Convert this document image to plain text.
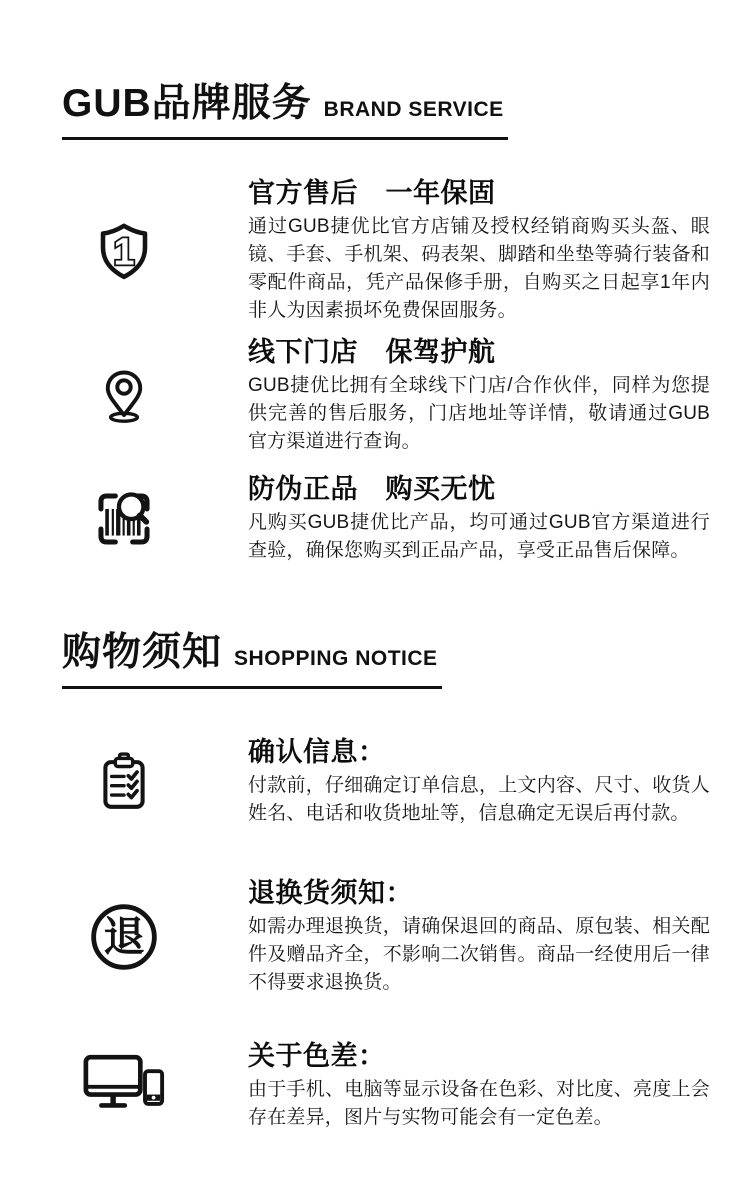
GUB品牌服务 BRAND SERVICE
1
官方售后　一年保固

通过GUB捷优比官方店铺及授权经销商购买头盔、眼镜、手套、手机架、码表架、脚踏和坐垫等骑行装备和零配件商品，凭产品保修手册，自购买之日起享1年内非人为因素损坏免费保固服务。

线下门店　保驾护航

GUB捷优比拥有全球线下门店/合作伙伴，同样为您提供完善的售后服务，门店地址等详情，敬请通过GUB官方渠道进行查询。

防伪正品　购买无忧

凡购买GUB捷优比产品，均可通过GUB官方渠道进行查验，确保您购买到正品产品，享受正品售后保障。

购物须知 SHOPPING NOTICE
确认信息：

付款前，仔细确定订单信息，上文内容、尺寸、收货人姓名、电话和收货地址等，信息确定无误后再付款。

退
退换货须知：

如需办理退换货，请确保退回的商品、原包装、相关配件及赠品齐全，不影响二次销售。商品一经使用后一律不得要求退换货。

关于色差：

由于手机、电脑等显示设备在色彩、对比度、亮度上会存在差异，图片与实物可能会有一定色差。
